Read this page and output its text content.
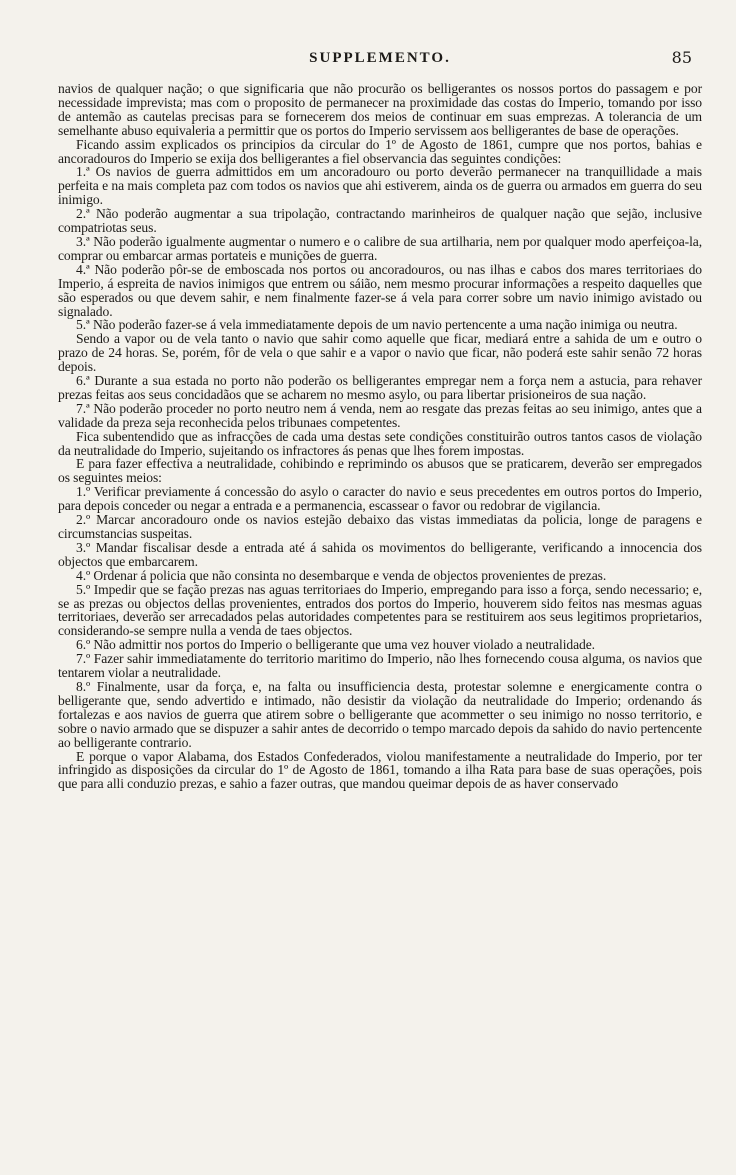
SUPPLEMENTO.	85

navios de qualquer nação; o que significaria que não procurão os belligerantes os nossos portos do passagem e por necessidade imprevista; mas com o proposito de permanecer na proximidade das costas do Imperio, tomando por isso de antemão as cautelas precisas para se fornecerem dos meios de continuar em suas emprezas. A tolerancia de um semelhante abuso equivaleria a permittir que os portos do Imperio servissem aos belligerantes de base de operações.

Ficando assim explicados os principios da circular do 1º de Agosto de 1861, cumpre que nos portos, bahias e ancoradouros do Imperio se exija dos belligerantes a fiel observancia das seguintes condições:

1.ª Os navios de guerra admittidos em um ancoradouro ou porto deverão permanecer na tranquillidade a mais perfeita e na mais completa paz com todos os navios que ahi estiverem, ainda os de guerra ou armados em guerra do seu inimigo.

2.ª Não poderão augmentar a sua tripolação, contractando marinheiros de qualquer nação que sejão, inclusive compatriotas seus.

3.ª Não poderão igualmente augmentar o numero e o calibre de sua artilharia, nem por qualquer modo aperfeiçoa-la, comprar ou embarcar armas portateis e munições de guerra.

4.ª Não poderão pôr-se de emboscada nos portos ou ancoradouros, ou nas ilhas e cabos dos mares territoriaes do Imperio, á espreita de navios inimigos que entrem ou sáião, nem mesmo procurar informações a respeito daquelles que são esperados ou que devem sahir, e nem finalmente fazer-se á vela para correr sobre um navio inimigo avistado ou signalado.

5.ª Não poderão fazer-se á vela immediatamente depois de um navio pertencente a uma nação inimiga ou neutra.

Sendo a vapor ou de vela tanto o navio que sahir como aquelle que ficar, mediará entre a sahida de um e outro o prazo de 24 horas. Se, porém, fôr de vela o que sahir e a vapor o navio que ficar, não poderá este sahir senão 72 horas depois.

6.ª Durante a sua estada no porto não poderão os belligerantes empregar nem a força nem a astucia, para rehaver prezas feitas aos seus concidadãos que se acharem no mesmo asylo, ou para libertar prisioneiros de sua nação.

7.ª Não poderão proceder no porto neutro nem á venda, nem ao resgate das prezas feitas ao seu inimigo, antes que a validade da preza seja reconhecida pelos tribunaes competentes.

Fica subentendido que as infracções de cada uma destas sete condições constituirão outros tantos casos de violação da neutralidade do Imperio, sujeitando os infractores ás penas que lhes forem impostas.

E para fazer effectiva a neutralidade, cohibindo e reprimindo os abusos que se praticarem, deverão ser empregados os seguintes meios:

1.º Verificar previamente á concessão do asylo o caracter do navio e seus precedentes em outros portos do Imperio, para depois conceder ou negar a entrada e a permanencia, escassear o favor ou redobrar de vigilancia.

2.º Marcar ancoradouro onde os navios estejão debaixo das vistas immediatas da policia, longe de paragens e circumstancias suspeitas.

3.º Mandar fiscalisar desde a entrada até á sahida os movimentos do belligerante, verificando a innocencia dos objectos que embarcarem.

4.º Ordenar á policia que não consinta no desembarque e venda de objectos provenientes de prezas.

5.º Impedir que se fação prezas nas aguas territoriaes do Imperio, empregando para isso a força, sendo necessario; e, se as prezas ou objectos dellas provenientes, entrados dos portos do Imperio, houverem sido feitos nas mesmas aguas territoriaes, deverão ser arrecadados pelas autoridades competentes para se restituirem aos seus legitimos proprietarios, considerando-se sempre nulla a venda de taes objectos.

6.º Não admittir nos portos do Imperio o belligerante que uma vez houver violado a neutralidade.

7.º Fazer sahir immediatamente do territorio maritimo do Imperio, não lhes fornecendo cousa alguma, os navios que tentarem violar a neutralidade.

8.º Finalmente, usar da força, e, na falta ou insufficiencia desta, protestar solemne e energicamente contra o belligerante que, sendo advertido e intimado, não desistir da violação da neutralidade do Imperio; ordenando ás fortalezas e aos navios de guerra que atirem sobre o belligerante que acommetter o seu inimigo no nosso territorio, e sobre o navio armado que se dispuzer a sahir antes de decorrido o tempo marcado depois da sahido do navio pertencente ao belligerante contrario.

E porque o vapor Alabama, dos Estados Confederados, violou manifestamente a neutralidade do Imperio, por ter infringido as disposições da circular do 1º de Agosto de 1861, tomando a ilha Rata para base de suas operações, pois que para alli conduzio prezas, e sahio a fazer outras, que mandou queimar depois de as haver conservado
